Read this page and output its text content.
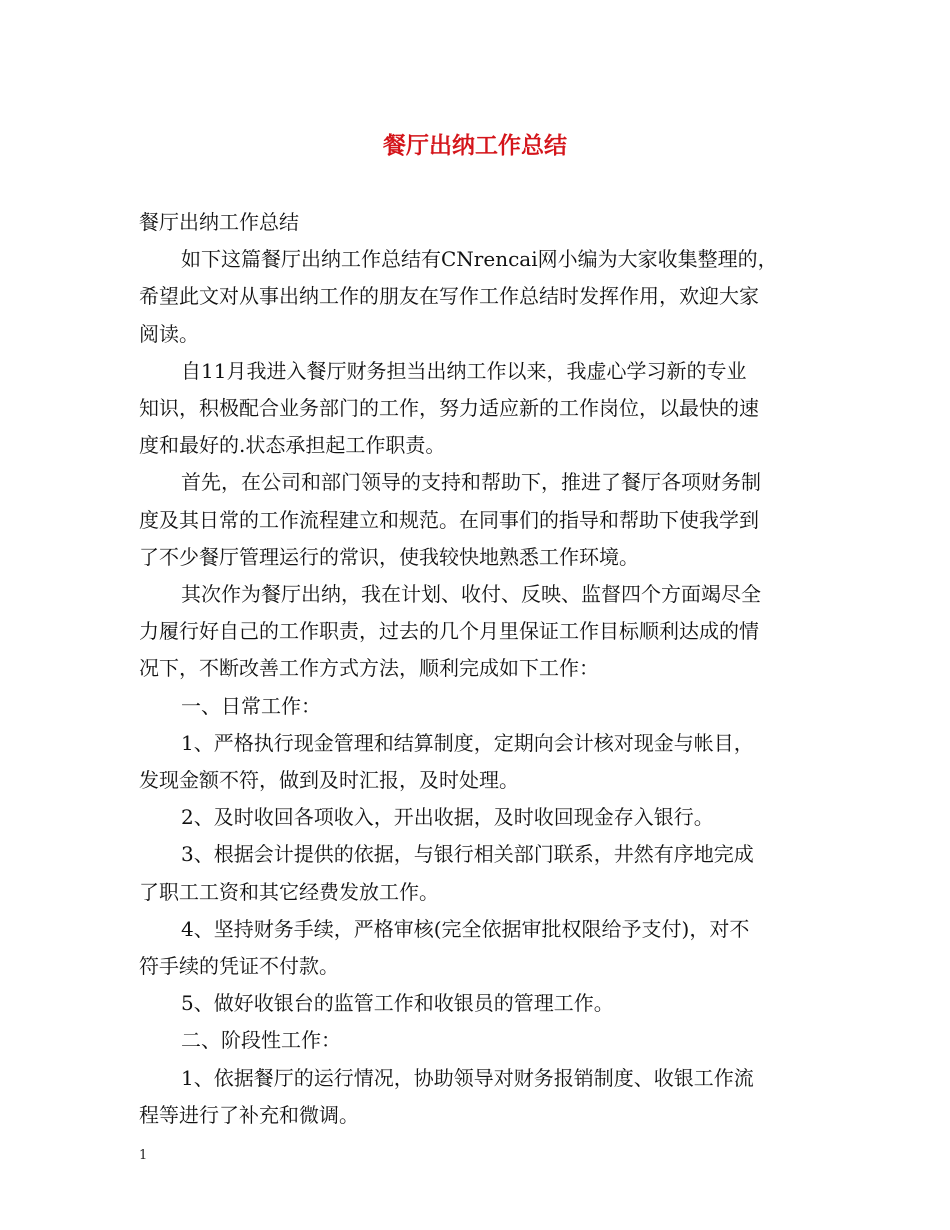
餐厅出纳工作总结

餐厅出纳工作总结

如下这篇餐厅出纳工作总结有CNrencai网小编为大家收集整理的，
希望此文对从事出纳工作的朋友在写作工作总结时发挥作用，欢迎大家
阅读。

自11月我进入餐厅财务担当出纳工作以来，我虚心学习新的专业
知识，积极配合业务部门的工作，努力适应新的工作岗位，以最快的速
度和最好的.状态承担起工作职责。

首先，在公司和部门领导的支持和帮助下，推进了餐厅各项财务制
度及其日常的工作流程建立和规范。在同事们的指导和帮助下使我学到
了不少餐厅管理运行的常识，使我较快地熟悉工作环境。

其次作为餐厅出纳，我在计划、收付、反映、监督四个方面竭尽全
力履行好自己的工作职责，过去的几个月里保证工作目标顺利达成的情
况下，不断改善工作方式方法，顺利完成如下工作：

一、日常工作：

1、严格执行现金管理和结算制度，定期向会计核对现金与帐目，
发现金额不符，做到及时汇报，及时处理。

2、及时收回各项收入，开出收据，及时收回现金存入银行。

3、根据会计提供的依据，与银行相关部门联系，井然有序地完成
了职工工资和其它经费发放工作。

4、坚持财务手续，严格审核(完全依据审批权限给予支付)，对不
符手续的凭证不付款。

5、做好收银台的监管工作和收银员的管理工作。

二、阶段性工作：

1、依据餐厅的运行情况，协助领导对财务报销制度、收银工作流
程等进行了补充和微调。

1
